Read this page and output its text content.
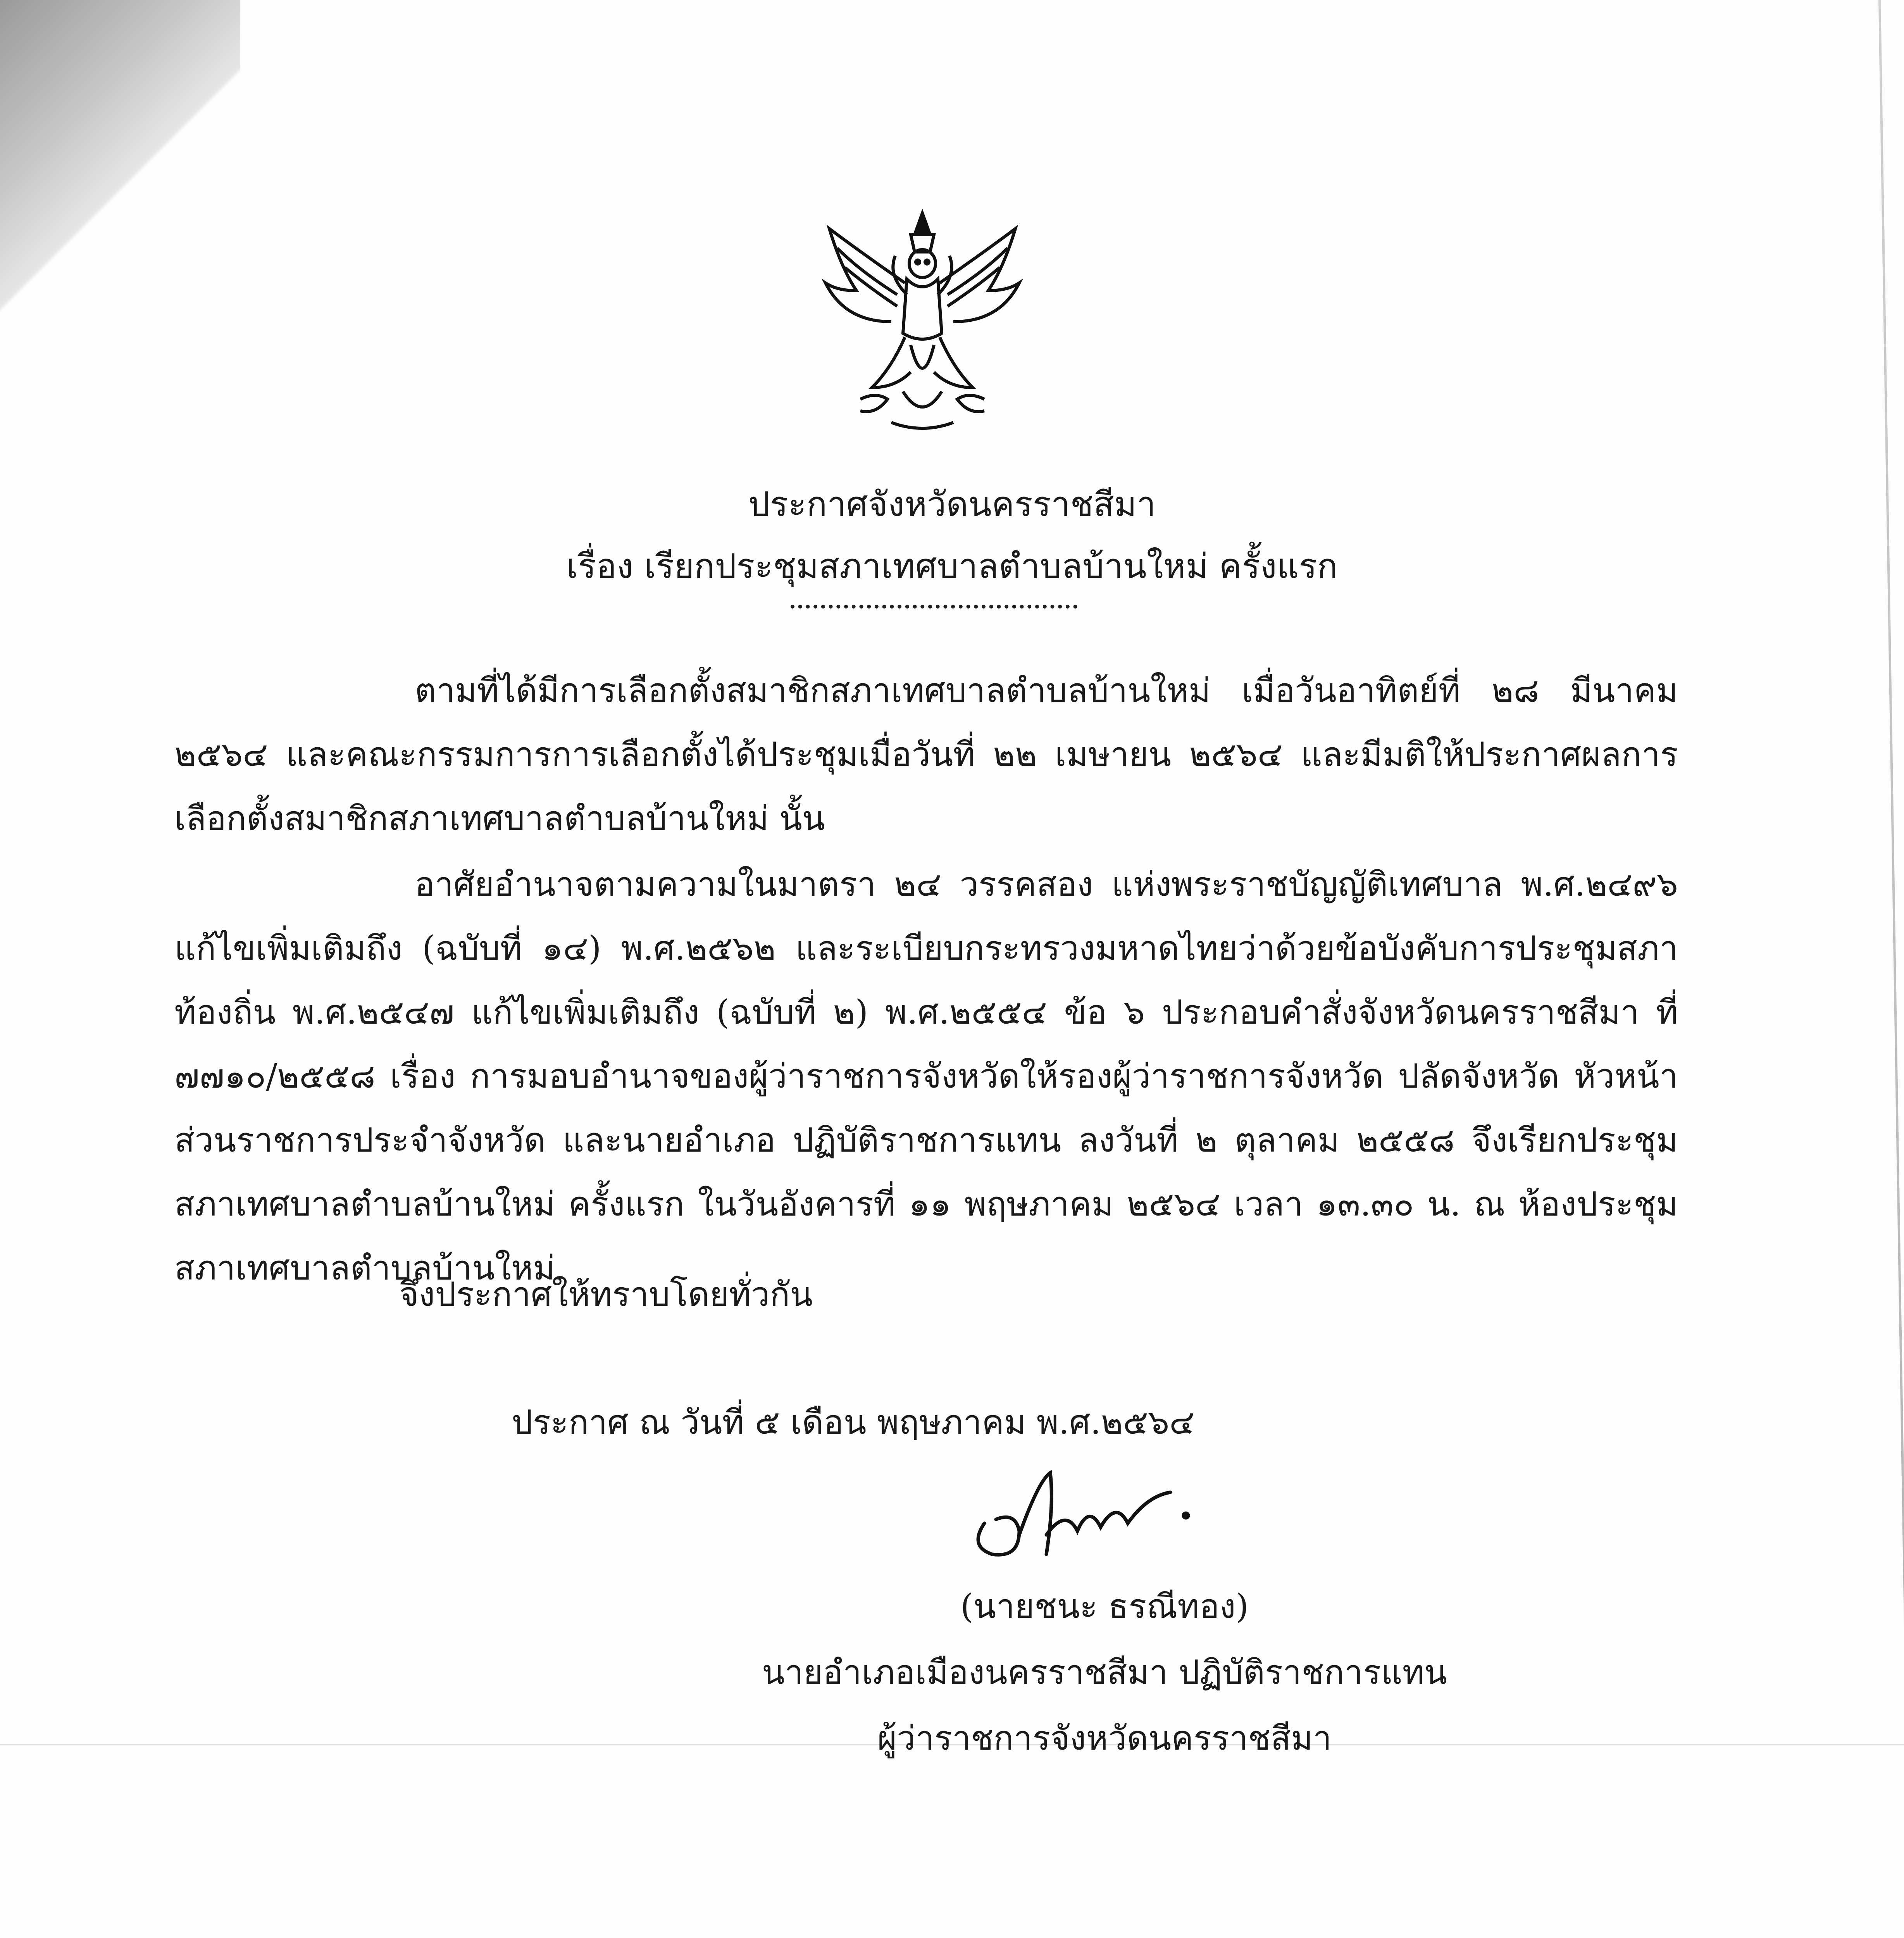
ประกาศจังหวัดนครราชสีมา
เรื่อง เรียกประชุมสภาเทศบาลตำบลบ้านใหม่ ครั้งแรก

ตามที่ได้มีการเลือกตั้งสมาชิกสภาเทศบาลตำบลบ้านใหม่ เมื่อวันอาทิตย์ที่ ๒๘ มีนาคม ๒๕๖๔ และคณะกรรมการการเลือกตั้งได้ประชุมเมื่อวันที่ ๒๒ เมษายน ๒๕๖๔ และมีมติให้ประกาศผลการเลือกตั้งสมาชิกสภาเทศบาลตำบลบ้านใหม่ นั้น

อาศัยอำนาจตามความในมาตรา ๒๔ วรรคสอง แห่งพระราชบัญญัติเทศบาล พ.ศ.๒๔๙๖ แก้ไขเพิ่มเติมถึง (ฉบับที่ ๑๔) พ.ศ.๒๕๖๒ และระเบียบกระทรวงมหาดไทยว่าด้วยข้อบังคับการประชุมสภาท้องถิ่น พ.ศ.๒๕๔๗ แก้ไขเพิ่มเติมถึง (ฉบับที่ ๒) พ.ศ.๒๕๕๔ ข้อ ๖ ประกอบคำสั่งจังหวัดนครราชสีมา ที่ ๗๗๑๐/๒๕๕๘ เรื่อง การมอบอำนาจของผู้ว่าราชการจังหวัดให้รองผู้ว่าราชการจังหวัด ปลัดจังหวัด หัวหน้าส่วนราชการประจำจังหวัด และนายอำเภอ ปฏิบัติราชการแทน ลงวันที่ ๒ ตุลาคม ๒๕๕๘ จึงเรียกประชุมสภาเทศบาลตำบลบ้านใหม่ ครั้งแรก ในวันอังคารที่ ๑๑ พฤษภาคม ๒๕๖๔ เวลา ๑๓.๓๐ น. ณ ห้องประชุมสภาเทศบาลตำบลบ้านใหม่

จึงประกาศให้ทราบโดยทั่วกัน

ประกาศ ณ วันที่ ๕ เดือน พฤษภาคม พ.ศ.๒๕๖๔
(นายชนะ ธรณีทอง)
นายอำเภอเมืองนครราชสีมา ปฏิบัติราชการแทน
ผู้ว่าราชการจังหวัดนครราชสีมา
